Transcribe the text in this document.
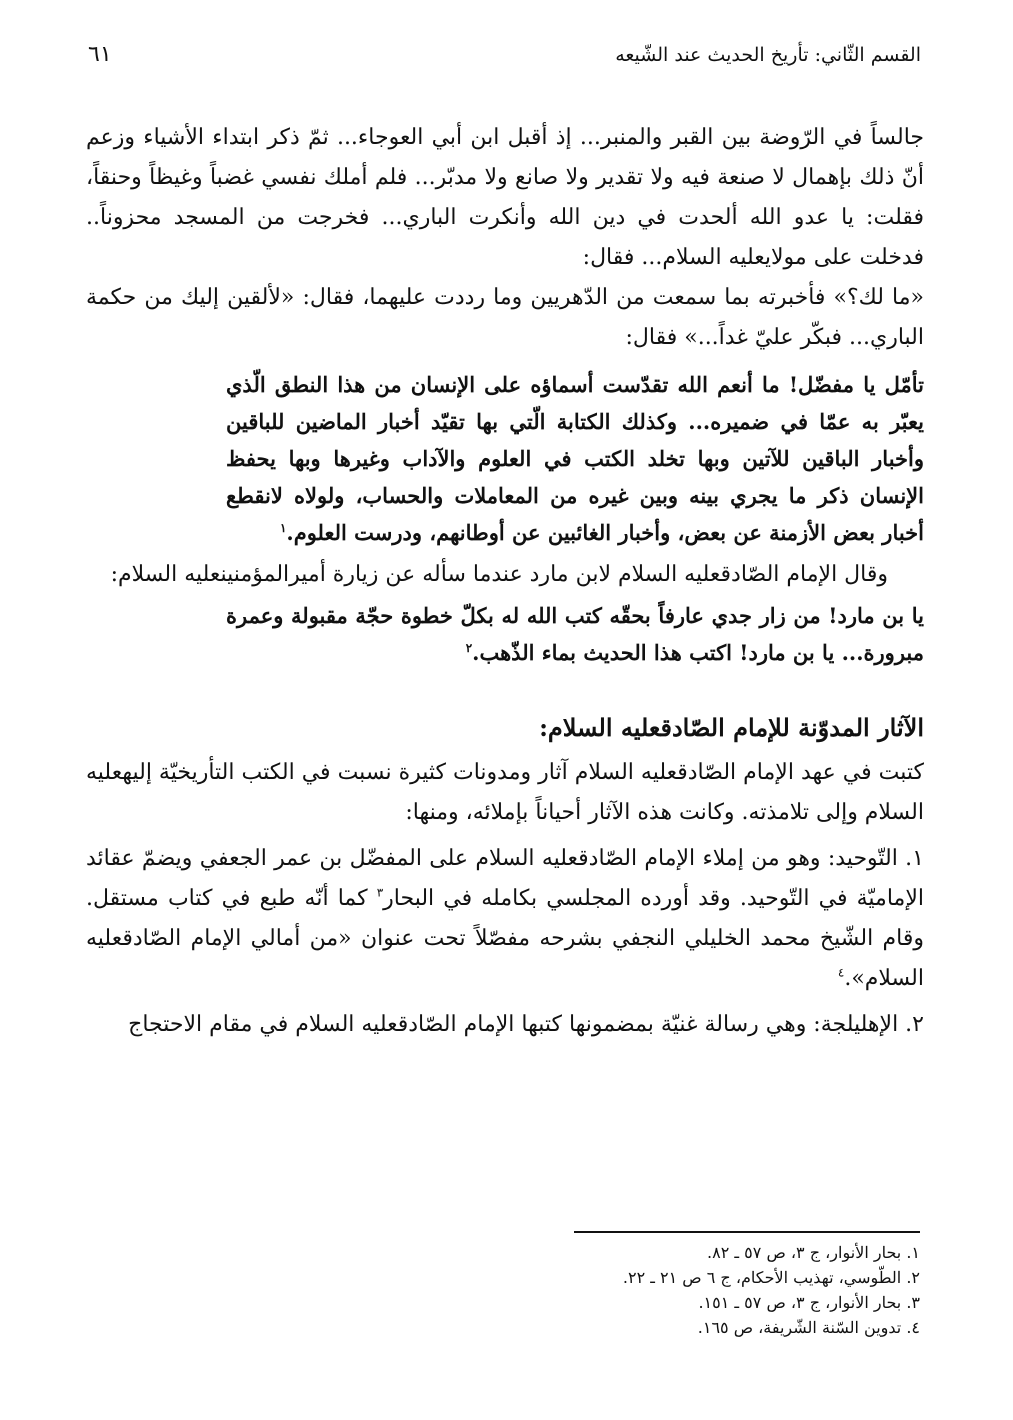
القسم الثّاني: تأريخ الحديث عند الشّيعه
٦١

جالساً في الرّوضة بين القبر والمنبر... إذ أقبل ابن أبي العوجاء... ثمّ ذكر ابتداء الأشياء وزعم أنّ ذلك بإهمال لا صنعة فيه ولا تقدير ولا صانع ولا مدبّر... فلم أملك نفسي غضباً وغيظاً وحنقاً، فقلت: يا عدو الله ألحدت في دين الله وأنكرت الباري... فخرجت من المسجد محزوناً.. فدخلت على مولايعليه السلام... فقال:

«ما لك؟» فأخبرته بما سمعت من الدّهريين وما رددت عليهما، فقال: «لألقين إليك من حكمة الباري... فبكّر عليّ غداً...» فقال:

تأمّل يا مفضّل! ما أنعم الله تقدّست أسماؤه على الإنسان من هذا النطق الّذي يعبّر به عمّا في ضميره... وكذلك الكتابة الّتي بها تقيّد أخبار الماضين للباقين وأخبار الباقين للآتين وبها تخلد الكتب في العلوم والآداب وغيرها وبها يحفظ الإنسان ذكر ما يجري بينه وبين غيره من المعاملات والحساب، ولولاه لانقطع أخبار بعض الأزمنة عن بعض، وأخبار الغائبين عن أوطانهم، ودرست العلوم.$^١$

وقال الإمام الصّادقعليه السلام لابن مارد عندما سأله عن زيارة أميرالمؤمنينعليه السلام:

يا بن مارد! من زار جدي عارفاً بحقّه كتب الله له بكلّ خطوة حجّة مقبولة وعمرة مبرورة... يا بن مارد! اكتب هذا الحديث بماء الذّهب.$^٢$
الآثار المدوّنة للإمام الصّادقعليه السلام:

كتبت في عهد الإمام الصّادقعليه السلام آثار ومدونات كثيرة نسبت في الكتب التأريخيّة إليهعليه السلام وإلى تلامذته. وكانت هذه الآثار أحياناً بإملائه، ومنها:

١. التّوحيد: وهو من إملاء الإمام الصّادقعليه السلام على المفضّل بن عمر الجعفي ويضمّ عقائد الإماميّة في التّوحيد. وقد أورده المجلسي بكامله في البحار$^٣$ كما أنّه طبع في كتاب مستقل. وقام الشّيخ محمد الخليلي النجفي بشرحه مفصّلاً تحت عنوان «من أمالي الإمام الصّادقعليه السلام».$^٤$

٢. الإهليلجة: وهي رسالة غنيّة بمضمونها كتبها الإمام الصّادقعليه السلام في مقام الاحتجاج

١. بحار الأنوار، ج ٣، ص ٥٧ ـ ٨٢.

٢. الطّوسي، تهذيب الأحكام، ج ٦ ص ٢١ ـ ٢٢.

٣. بحار الأنوار، ج ٣، ص ٥٧ ـ ١٥١.

٤. تدوين السّنة الشّريفة، ص ١٦٥.
